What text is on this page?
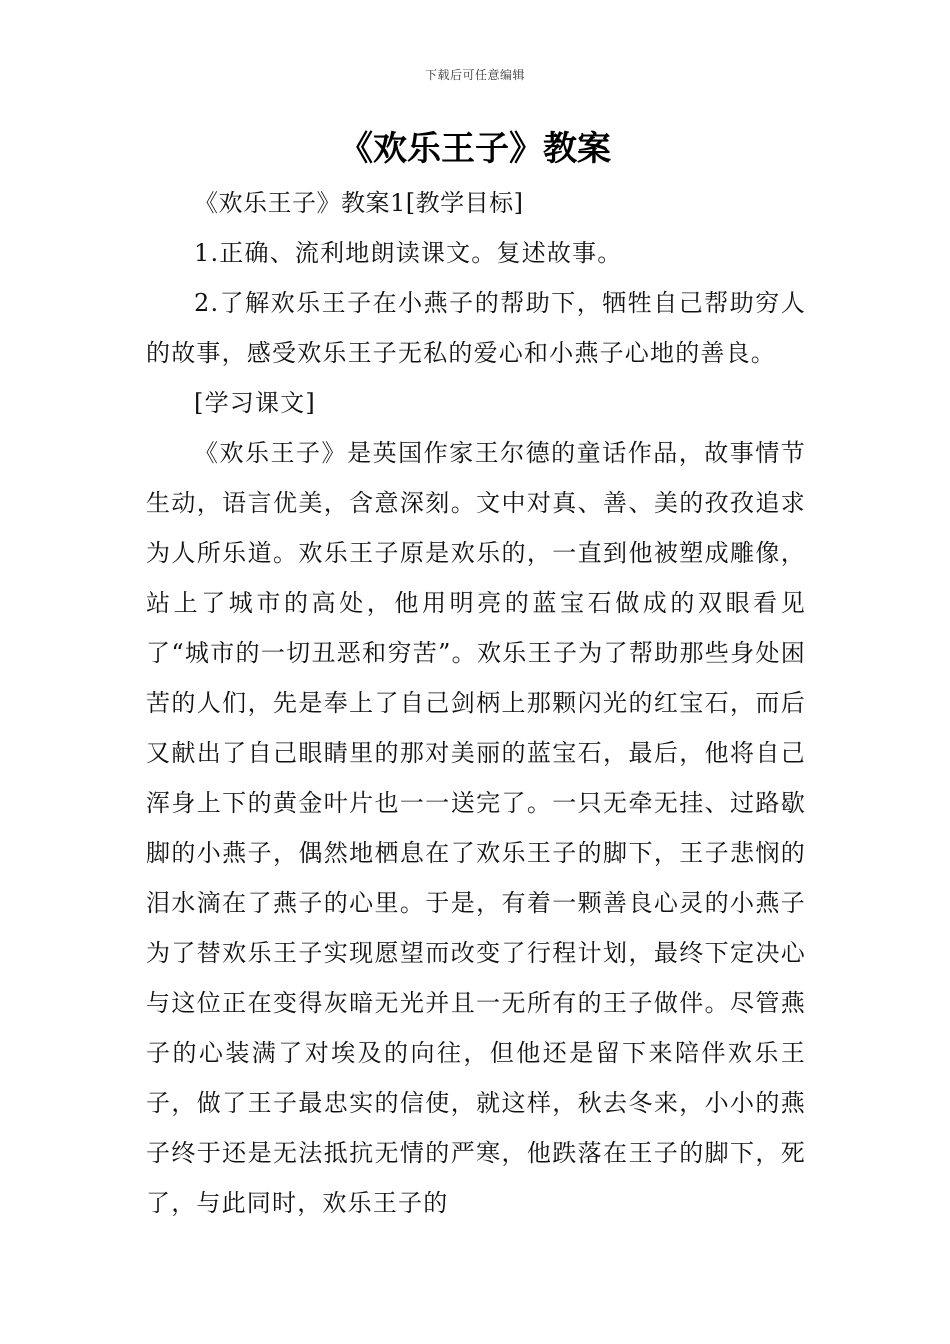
下载后可任意编辑
《欢乐王子》教案

《欢乐王子》教案1[教学目标]

1.正确、流利地朗读课文。复述故事。

2.了解欢乐王子在小燕子的帮助下，牺牲自己帮助穷人的故事，感受欢乐王子无私的爱心和小燕子心地的善良。

[学习课文]

《欢乐王子》是英国作家王尔德的童话作品，故事情节生动，语言优美，含意深刻。文中对真、善、美的孜孜追求为人所乐道。欢乐王子原是欢乐的，一直到他被塑成雕像，站上了城市的高处，他用明亮的蓝宝石做成的双眼看见了“城市的一切丑恶和穷苦”。欢乐王子为了帮助那些身处困苦的人们，先是奉上了自己剑柄上那颗闪光的红宝石，而后又献出了自己眼睛里的那对美丽的蓝宝石，最后，他将自己浑身上下的黄金叶片也一一送完了。一只无牵无挂、过路歇脚的小燕子，偶然地栖息在了欢乐王子的脚下，王子悲悯的泪水滴在了燕子的心里。于是，有着一颗善良心灵的小燕子为了替欢乐王子实现愿望而改变了行程计划，最终下定决心与这位正在变得灰暗无光并且一无所有的王子做伴。尽管燕子的心装满了对埃及的向往，但他还是留下来陪伴欢乐王子，做了王子最忠实的信使，就这样，秋去冬来，小小的燕子终于还是无法抵抗无情的严寒，他跌落在王子的脚下，死了，与此同时，欢乐王子的
